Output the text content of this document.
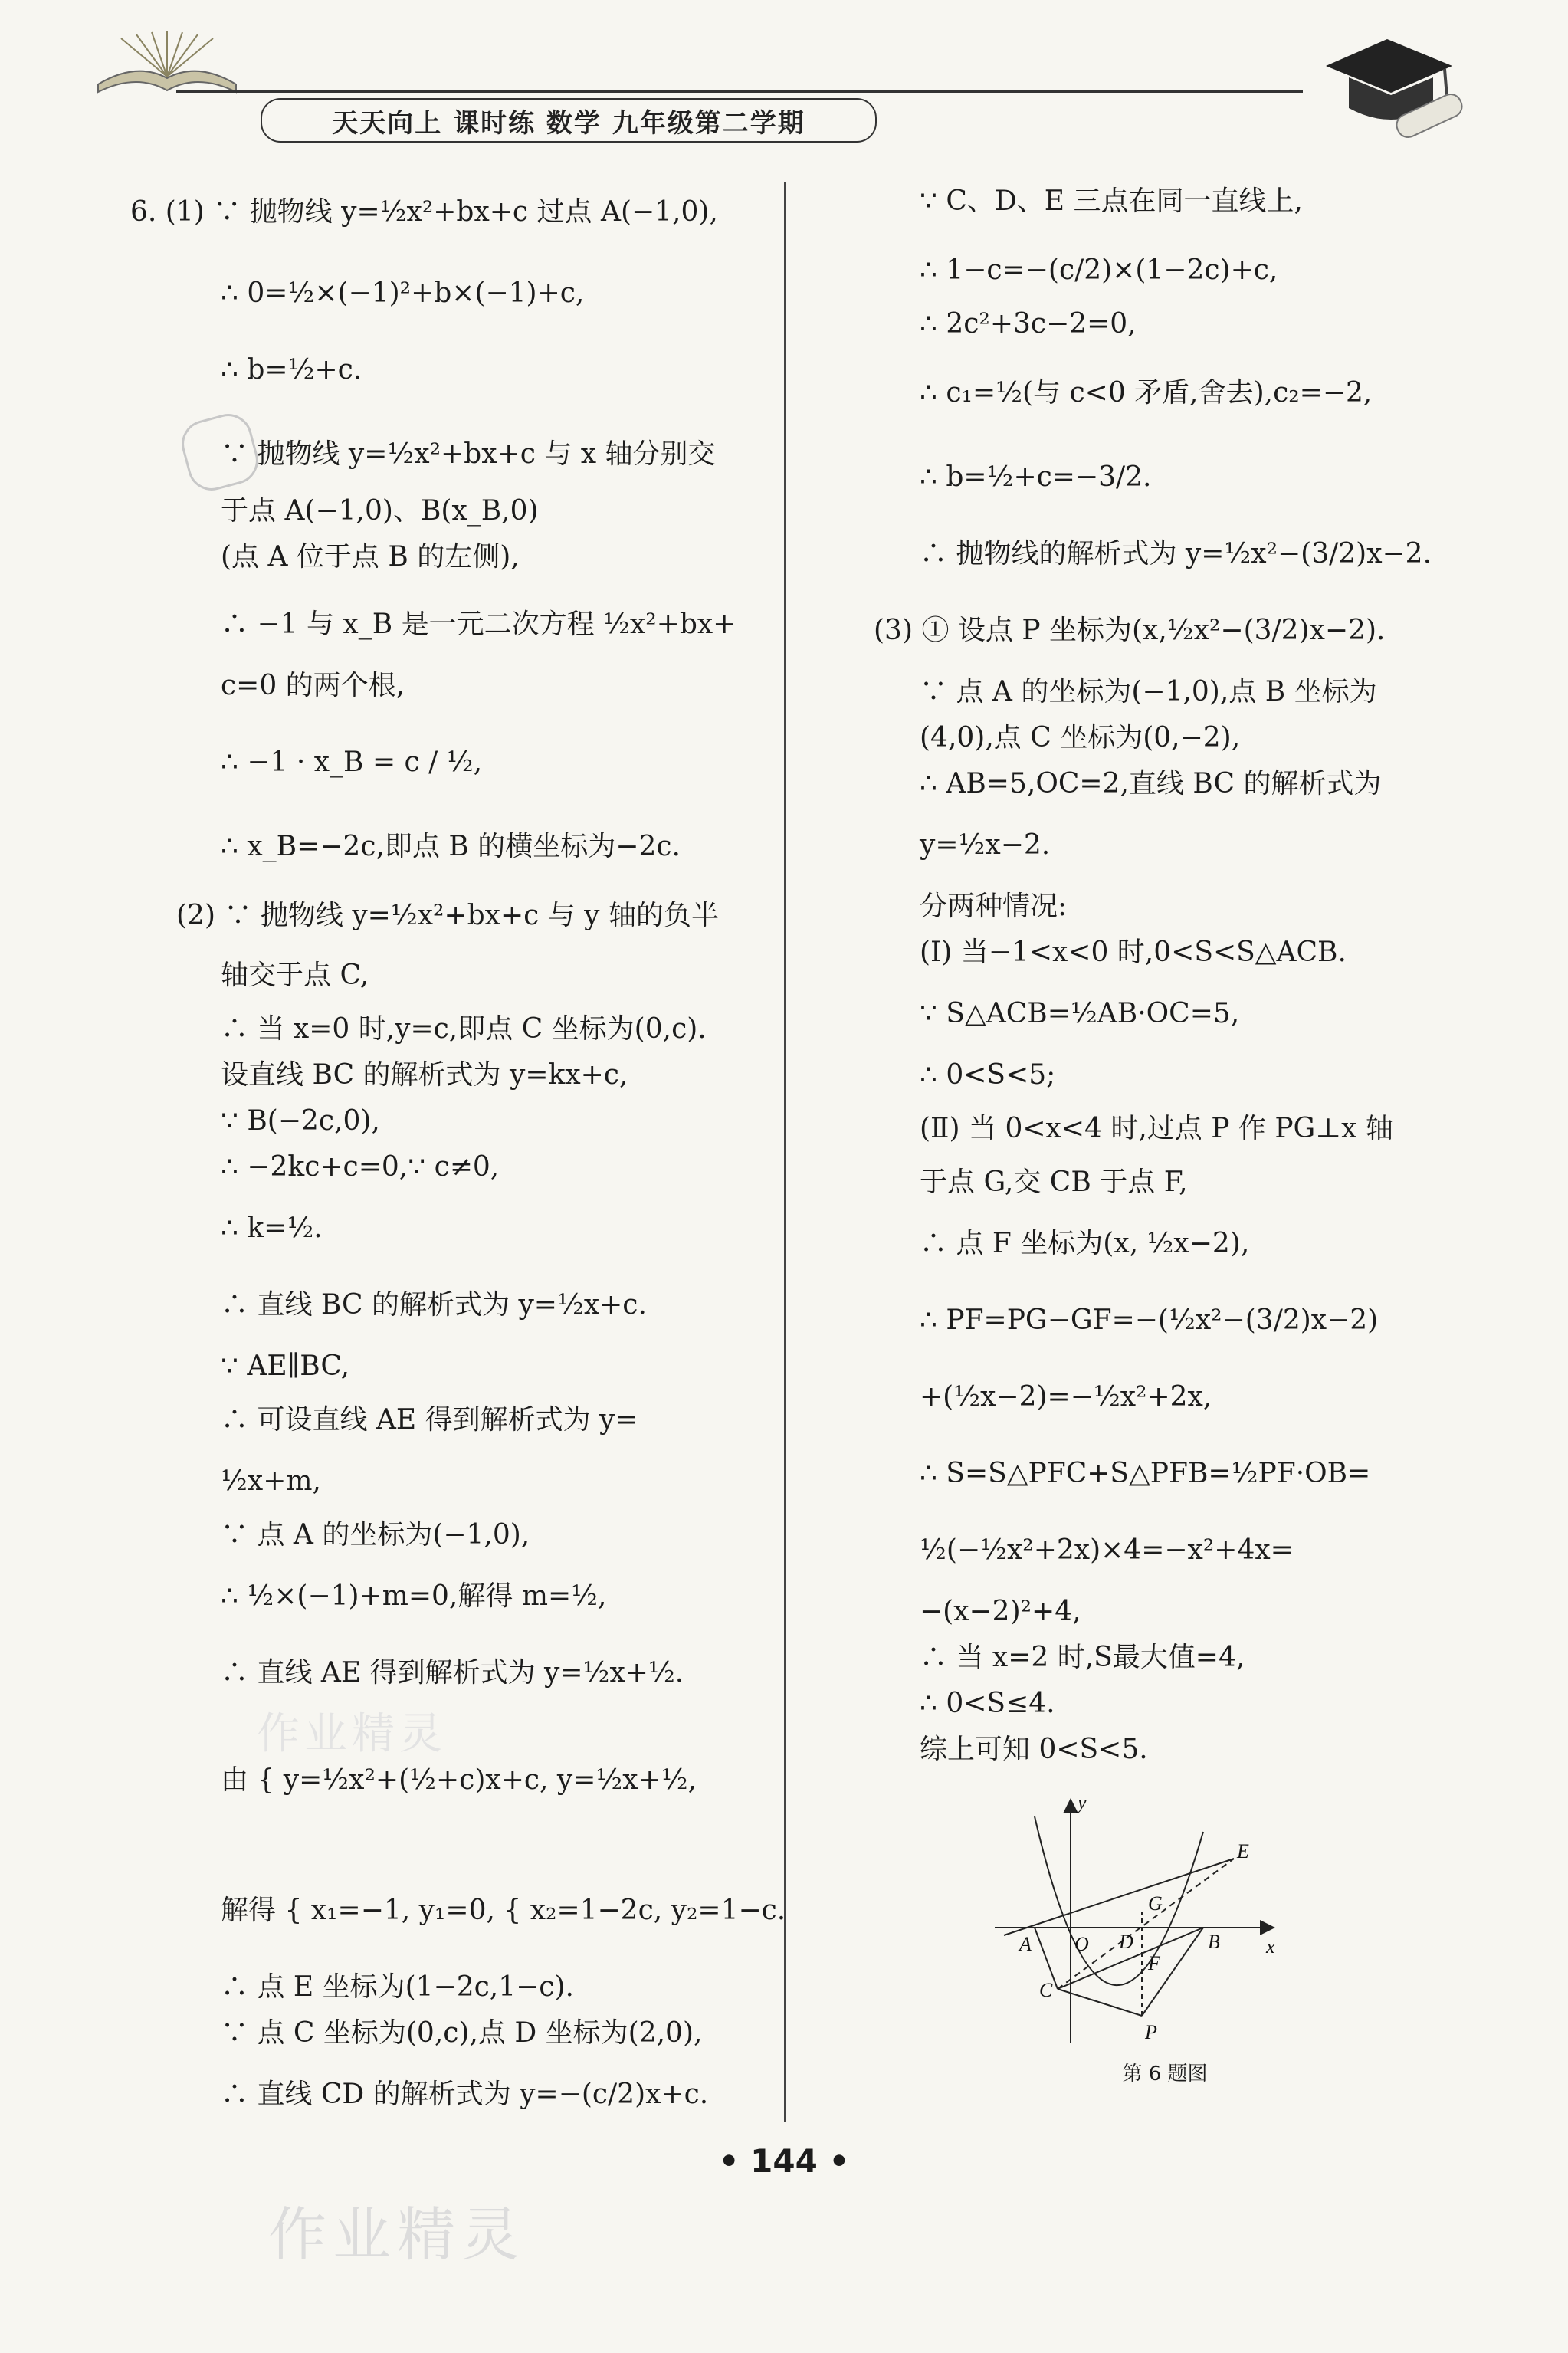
天天向上 课时练 数学 九年级第二学期
6. (1) ∵ 抛物线 y=½x²+bx+c 过点 A(−1,0),
∴ 0=½×(−1)²+b×(−1)+c,
∴ b=½+c.
∵ 抛物线 y=½x²+bx+c 与 x 轴分别交
于点 A(−1,0)、B(x_B,0)
(点 A 位于点 B 的左侧),
∴ −1 与 x_B 是一元二次方程 ½x²+bx+
c=0 的两个根,
∴ −1 · x_B = c / ½,
∴ x_B=−2c,即点 B 的横坐标为−2c.
(2) ∵ 抛物线 y=½x²+bx+c 与 y 轴的负半
轴交于点 C,
∴ 当 x=0 时,y=c,即点 C 坐标为(0,c).
设直线 BC 的解析式为 y=kx+c,
∵ B(−2c,0),
∴ −2kc+c=0,∵ c≠0,
∴ k=½.
∴ 直线 BC 的解析式为 y=½x+c.
∵ AE∥BC,
∴ 可设直线 AE 得到解析式为 y=
½x+m,
∵ 点 A 的坐标为(−1,0),
∴ ½×(−1)+m=0,解得 m=½,
∴ 直线 AE 得到解析式为 y=½x+½.
由 { y=½x²+(½+c)x+c, y=½x+½,
解得 { x₁=−1, y₁=0, { x₂=1−2c, y₂=1−c.
∴ 点 E 坐标为(1−2c,1−c).
∵ 点 C 坐标为(0,c),点 D 坐标为(2,0),
∴ 直线 CD 的解析式为 y=−(c/2)x+c.
∵ C、D、E 三点在同一直线上,
∴ 1−c=−(c/2)×(1−2c)+c,
∴ 2c²+3c−2=0,
∴ c₁=½(与 c<0 矛盾,舍去),c₂=−2,
∴ b=½+c=−3/2.
∴ 抛物线的解析式为 y=½x²−(3/2)x−2.
(3) ① 设点 P 坐标为(x,½x²−(3/2)x−2).
∵ 点 A 的坐标为(−1,0),点 B 坐标为
(4,0),点 C 坐标为(0,−2),
∴ AB=5,OC=2,直线 BC 的解析式为
y=½x−2.
分两种情况:
(Ⅰ) 当−1<x<0 时,0<S<S△ACB.
∵ S△ACB=½AB·OC=5,
∴ 0<S<5;
(Ⅱ) 当 0<x<4 时,过点 P 作 PG⊥x 轴
于点 G,交 CB 于点 F,
∴ 点 F 坐标为(x, ½x−2),
∴ PF=PG−GF=−(½x²−(3/2)x−2)
+(½x−2)=−½x²+2x,
∴ S=S△PFC+S△PFB=½PF·OB=
½(−½x²+2x)×4=−x²+4x=
−(x−2)²+4,
∴ 当 x=2 时,S最大值=4,
∴ 0<S≤4.
综上可知 0<S<5.
y
x
O
A	B
C
D
E
F
G
P
第 6 题图
作业精灵
• 144 •
作业精灵
